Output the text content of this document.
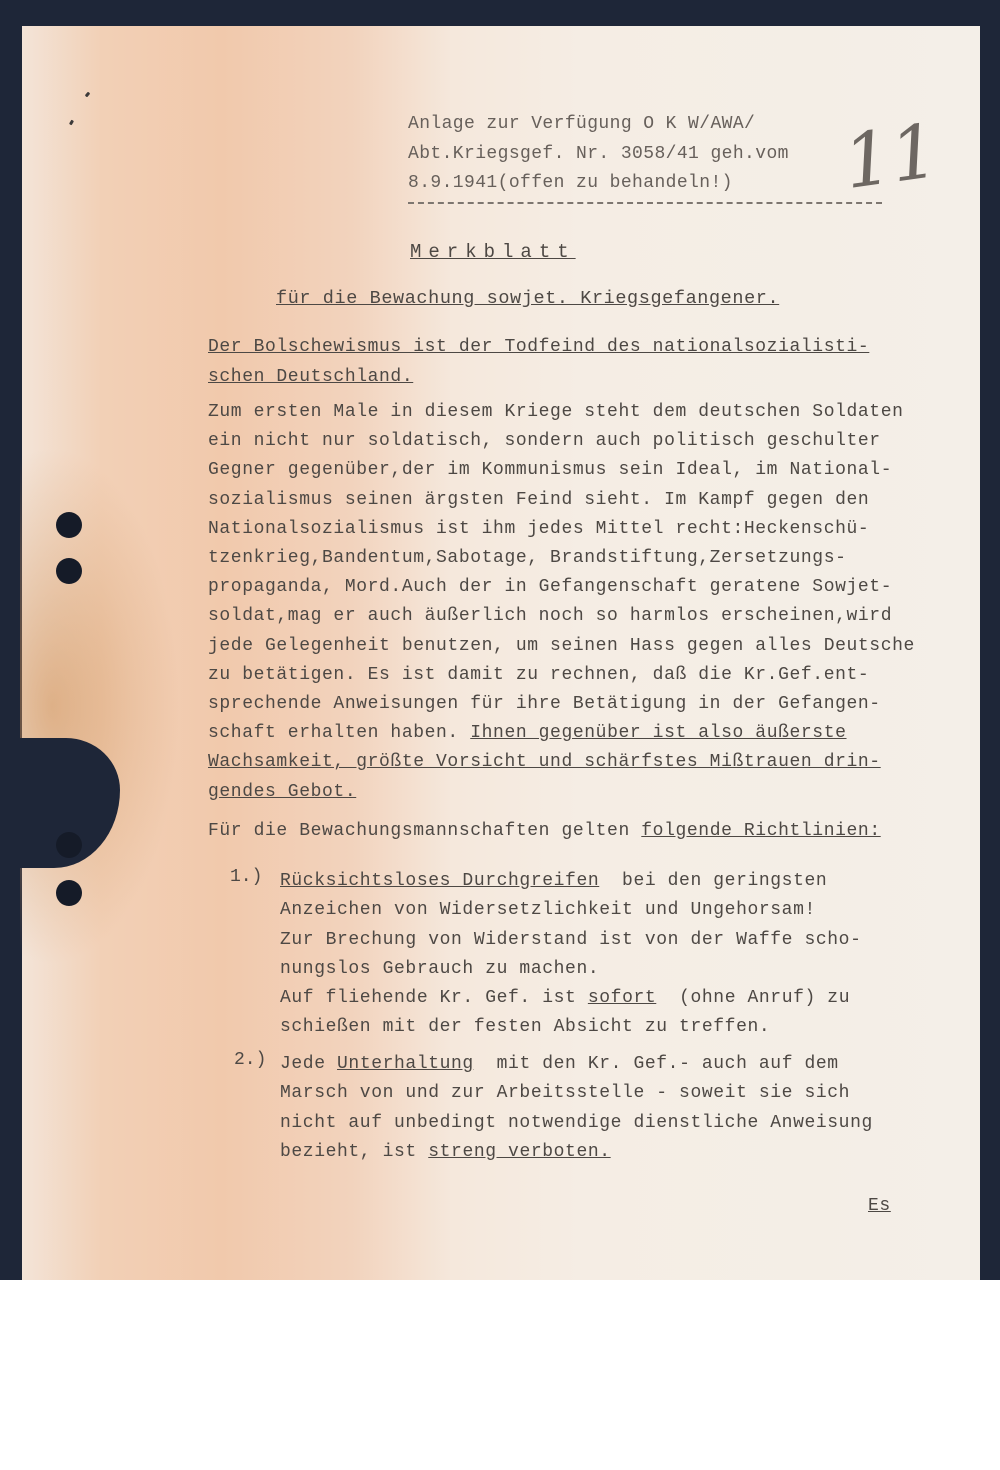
Anlage zur Verfügung O K W/AWA/
Abt.Kriegsgef. Nr. 3058/41 geh.vom
8.9.1941(offen zu behandeln!)	11
Merkblatt
für die Bewachung sowjet. Kriegsgefangener.
Der Bolschewismus ist der Todfeind des nationalsozialisti-
schen Deutschland.
Zum ersten Male in diesem Kriege steht dem deutschen Soldaten
ein nicht nur soldatisch, sondern auch politisch geschulter
Gegner gegenüber,der im Kommunismus sein Ideal, im National-
sozialismus seinen ärgsten Feind sieht. Im Kampf gegen den
Nationalsozialismus ist ihm jedes Mittel recht:Heckenschü-
tzenkrieg,Bandentum,Sabotage, Brandstiftung,Zersetzungs-
propaganda, Mord.Auch der in Gefangenschaft geratene Sowjet-
soldat,mag er auch äußerlich noch so harmlos erscheinen,wird
jede Gelegenheit benutzen, um seinen Hass gegen alles Deutsche
zu betätigen. Es ist damit zu rechnen, daß die Kr.Gef.ent-
sprechende Anweisungen für ihre Betätigung in der Gefangen-
schaft erhalten haben. Ihnen gegenüber ist also äußerste
Wachsamkeit, größte Vorsicht und schärfstes Mißtrauen drin-
gendes Gebot.
Für die Bewachungsmannschaften gelten folgende Richtlinien:
1.) Rücksichtsloses Durchgreifen  bei den geringsten
Anzeichen von Widersetzlichkeit und Ungehorsam!
Zur Brechung von Widerstand ist von der Waffe scho-
nungslos Gebrauch zu machen.
Auf fliehende Kr. Gef. ist sofort  (ohne Anruf) zu
schießen mit der festen Absicht zu treffen.
2.) Jede Unterhaltung  mit den Kr. Gef.- auch auf dem
Marsch von und zur Arbeitsstelle - soweit sie sich
nicht auf unbedingt notwendige dienstliche Anweisung
bezieht, ist streng verboten.
Es
